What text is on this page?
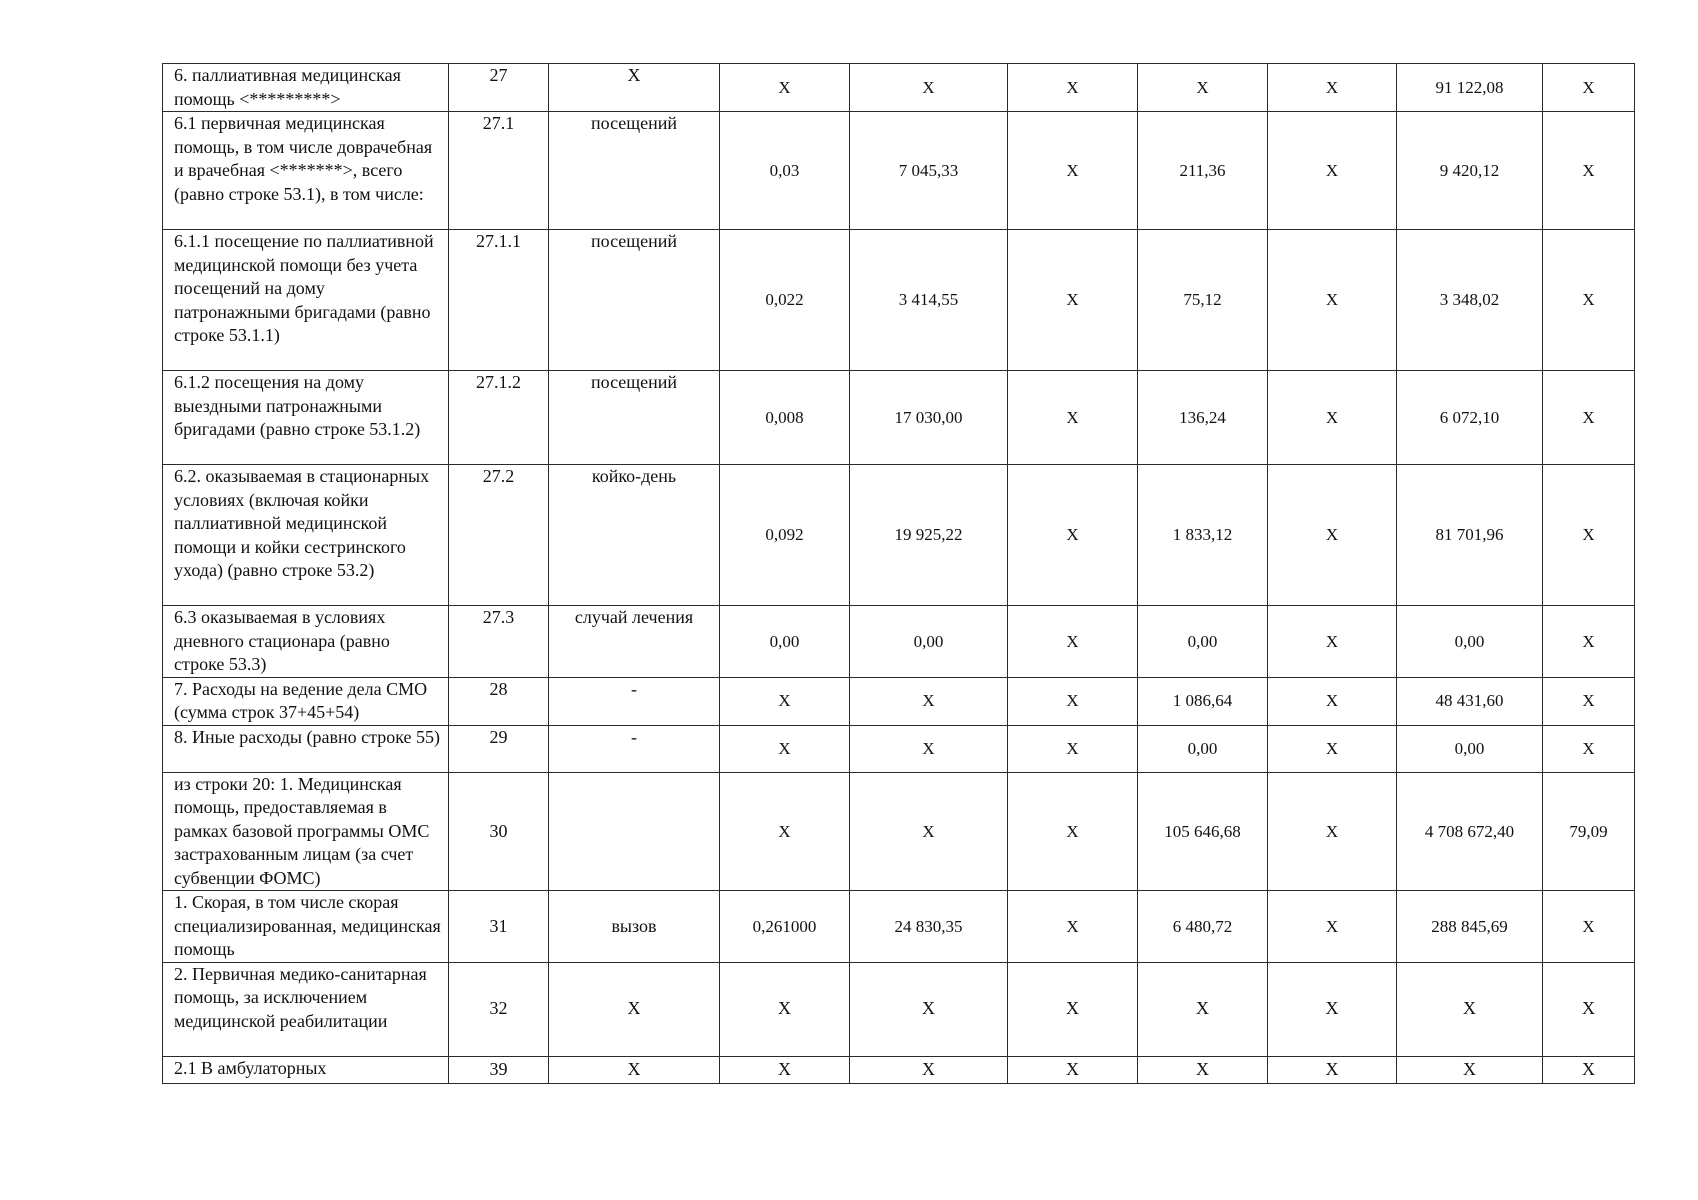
6. паллиативная медицинская помощь <*********>	27	X	X	X	X	X	X	91 122,08	X
6.1 первичная медицинская помощь, в том числе доврачебная и врачебная <*******>, всего (равно строке 53.1), в том числе:	27.1	посещений	0,03	7 045,33	X	211,36	X	9 420,12	X
6.1.1 посещение по паллиативной медицинской помощи без учета посещений на дому патронажными бригадами (равно строке 53.1.1)	27.1.1	посещений	0,022	3 414,55	X	75,12	X	3 348,02	X
6.1.2 посещения на дому выездными патронажными бригадами (равно строке 53.1.2)	27.1.2	посещений	0,008	17 030,00	X	136,24	X	6 072,10	X
6.2. оказываемая в стационарных условиях (включая койки паллиативной медицинской помощи и койки сестринского ухода) (равно строке 53.2)	27.2	койко-день	0,092	19 925,22	X	1 833,12	X	81 701,96	X
6.3 оказываемая в условиях дневного стационара (равно строке 53.3)	27.3	случай лечения	0,00	0,00	X	0,00	X	0,00	X
7. Расходы на ведение дела СМО (сумма строк 37+45+54)	28	-	X	X	X	1 086,64	X	48 431,60	X
8. Иные расходы (равно строке 55)	29	-	X	X	X	0,00	X	0,00	X
из строки 20: 1. Медицинская помощь, предоставляемая в рамках базовой программы ОМС застрахованным лицам (за счет субвенции ФОМС)	30		X	X	X	105 646,68	X	4 708 672,40	79,09
1. Скорая, в том числе скорая специализированная, медицинская помощь	31	вызов	0,261000	24 830,35	X	6 480,72	X	288 845,69	X
2. Первичная медико-санитарная помощь, за исключением медицинской реабилитации	32	X	X	X	X	X	X	X	X
2.1 В амбулаторных	39	X	X	X	X	X	X	X	X
